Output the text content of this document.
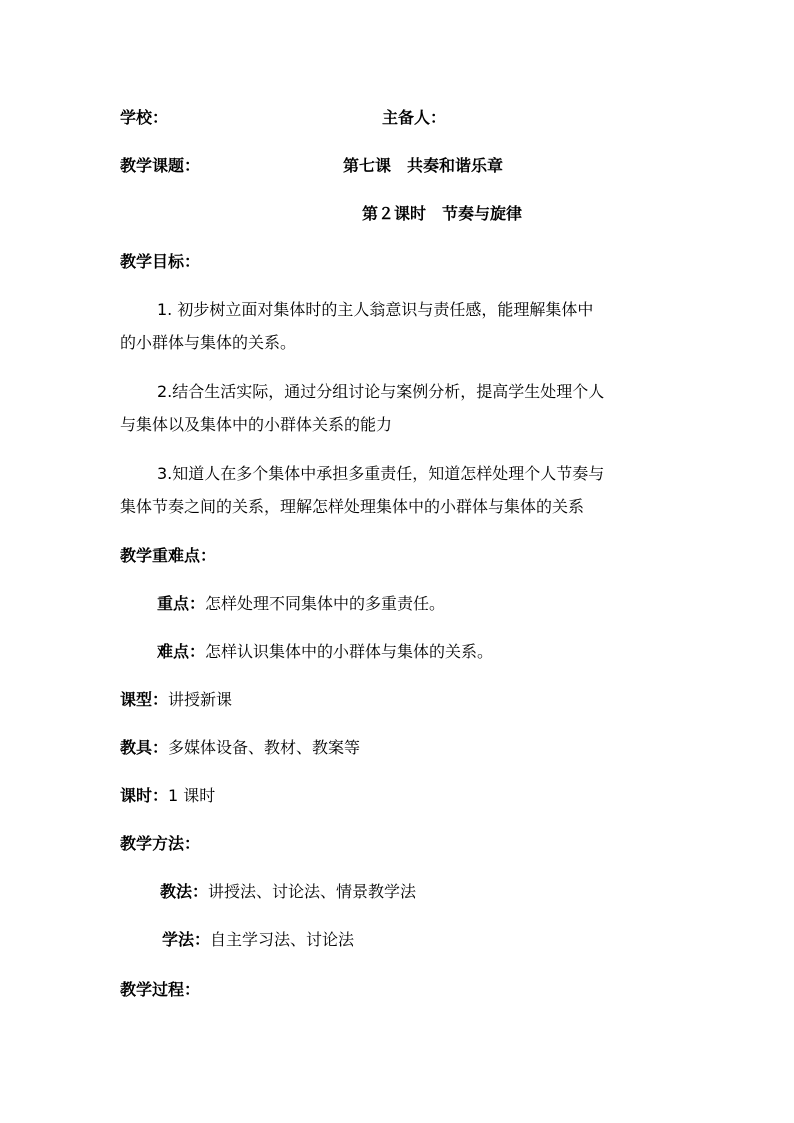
学校：	主备人：
教学课题：	第七课　共奏和谐乐章
第２课时　节奏与旋律
教学目标：
1. 初步树立面对集体时的主人翁意识与责任感，能理解集体中
的小群体与集体的关系。
2.结合生活实际，通过分组讨论与案例分析，提高学生处理个人
与集体以及集体中的小群体关系的能力
3.知道人在多个集体中承担多重责任，知道怎样处理个人节奏与
集体节奏之间的关系，理解怎样处理集体中的小群体与集体的关系
教学重难点：
重点：怎样处理不同集体中的多重责任。
难点：怎样认识集体中的小群体与集体的关系。
课型：讲授新课
教具：多媒体设备、教材、教案等
课时：1 课时
教学方法：
教法：讲授法、讨论法、情景教学法
学法：自主学习法、讨论法
教学过程：
